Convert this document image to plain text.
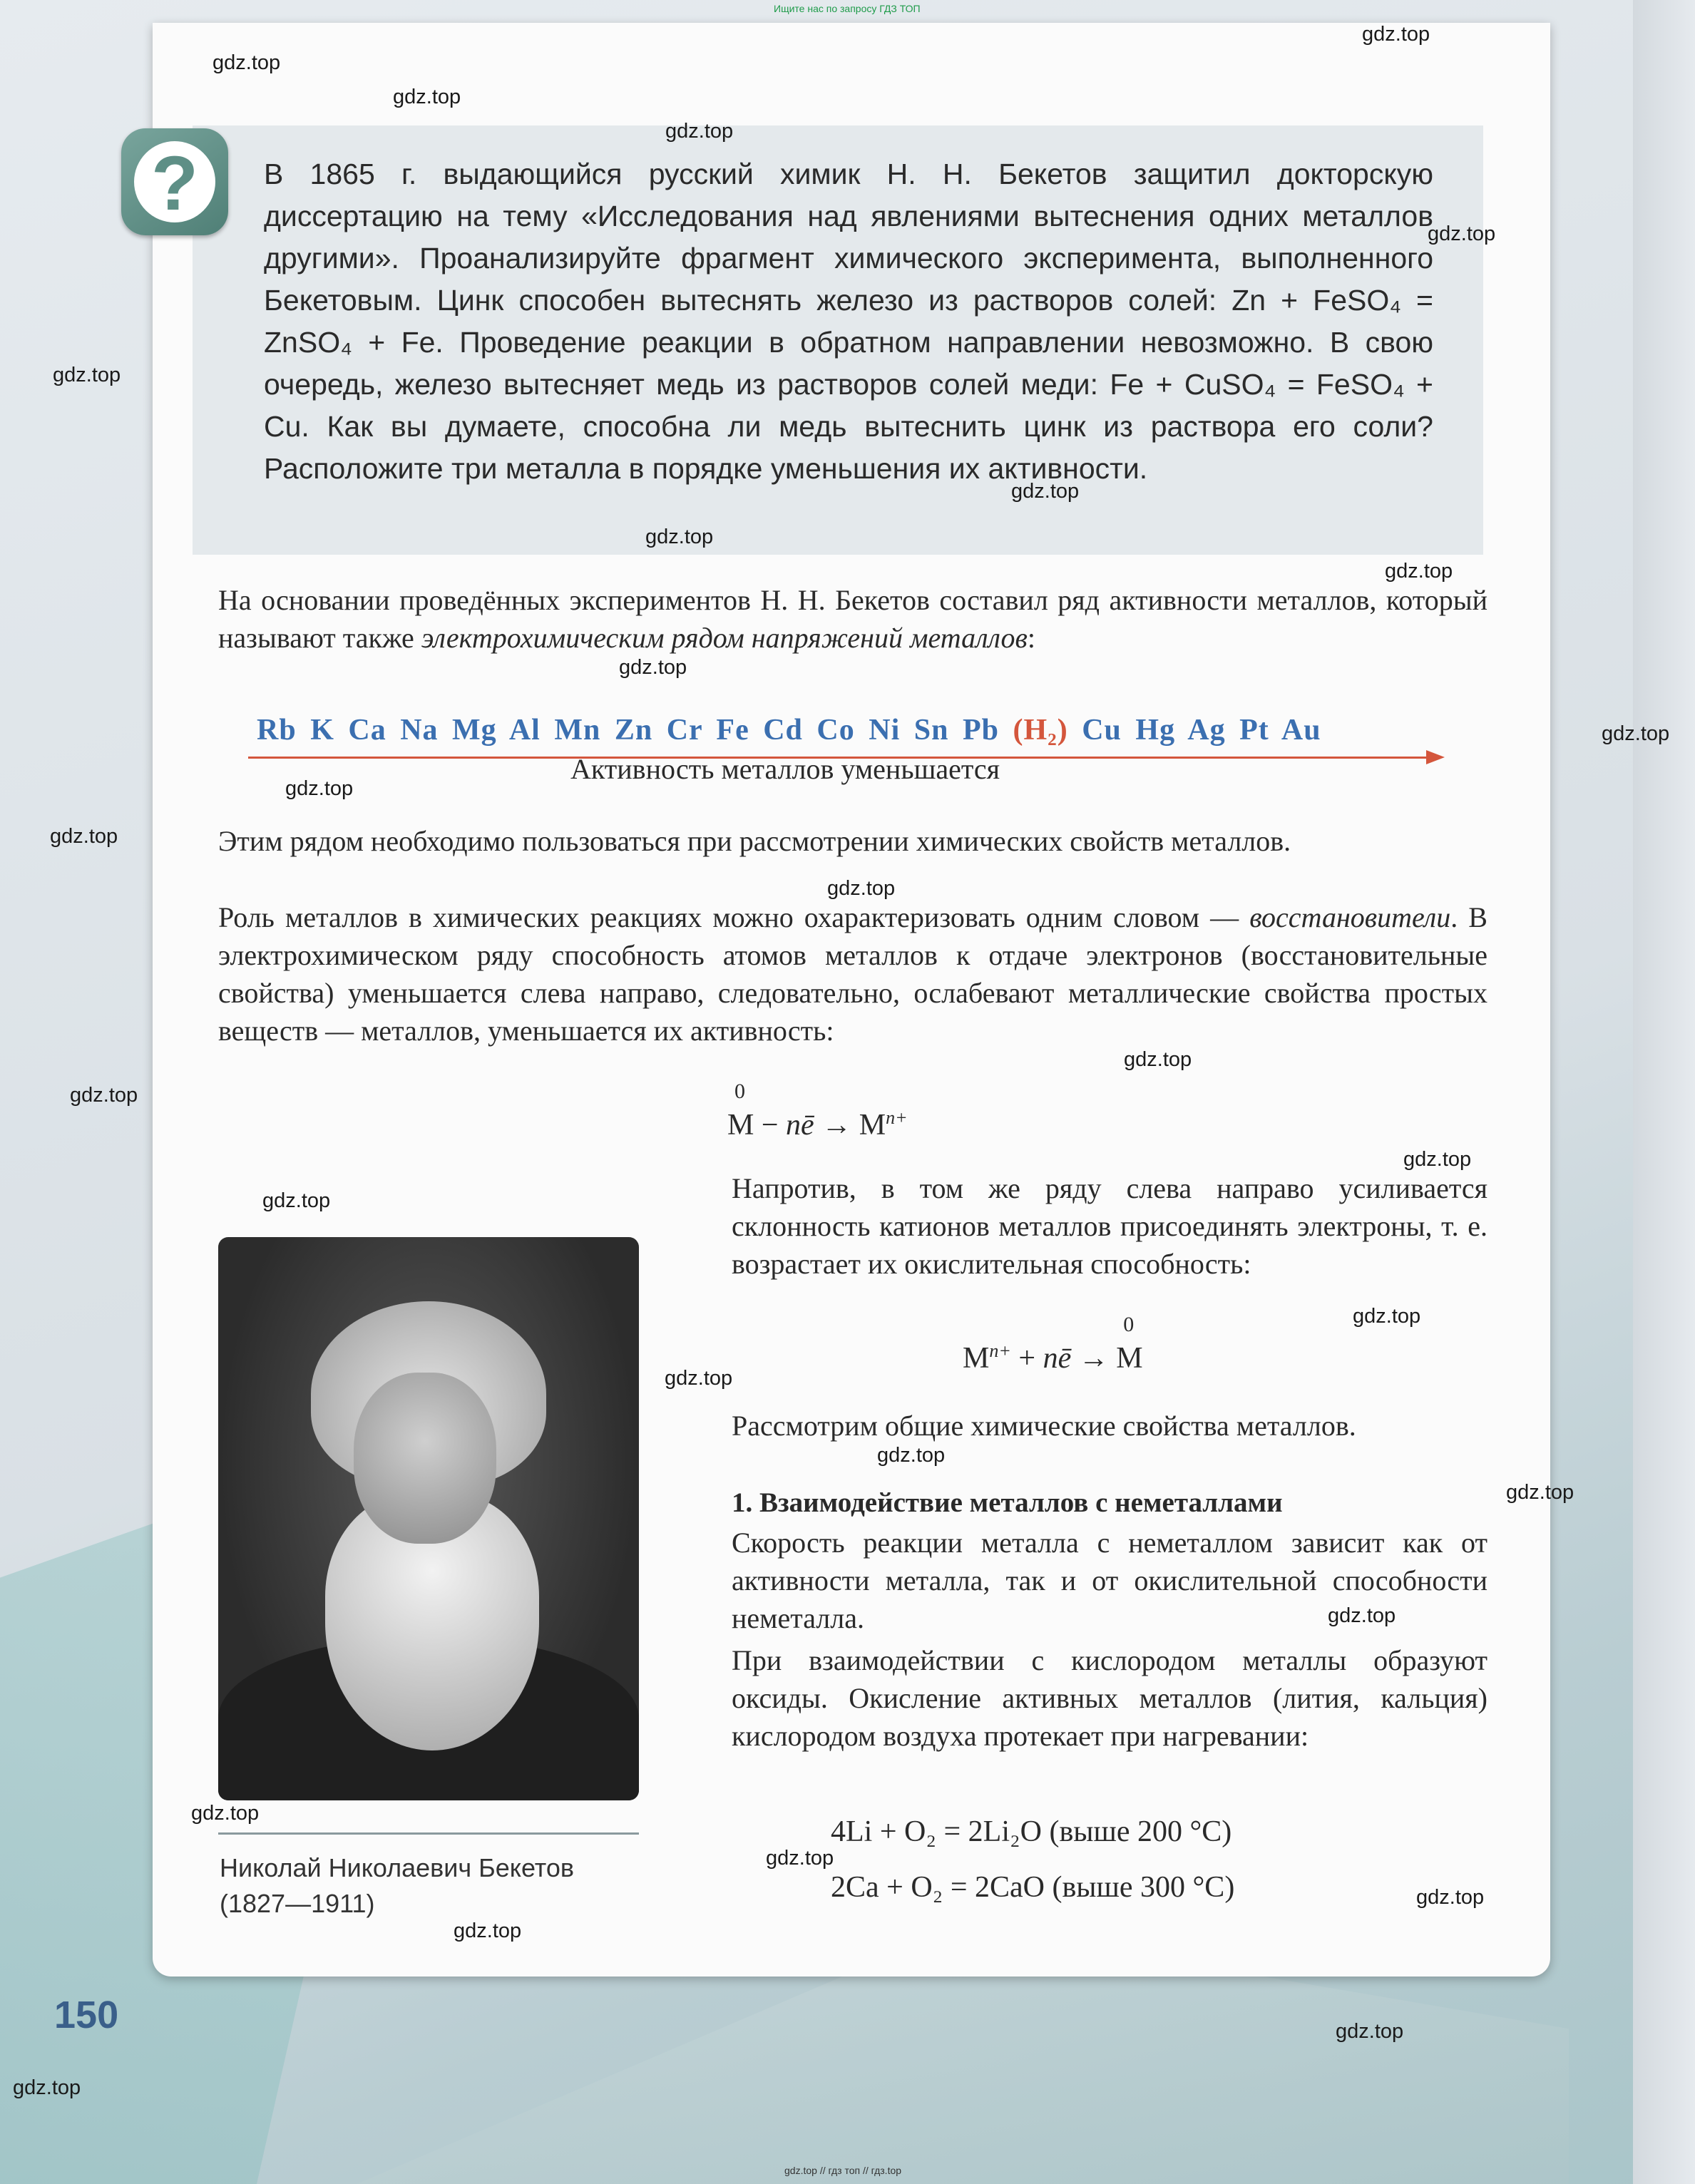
Ищите нас по запросу ГДЗ ТОП
?	В 1865 г. выдающийся русский химик Н. Н. Бекетов защитил докторскую диссертацию на тему «Исследования над явлениями вытеснения одних металлов другими». Проанализируйте фрагмент химического эксперимента, выполненного Бекетовым. Цинк способен вытеснять железо из растворов солей: Zn + FeSO₄ = ZnSO₄ + Fe. Проведение реакции в обратном направлении невозможно. В свою очередь, железо вытесняет медь из растворов солей меди: Fe + CuSO₄ = FeSO₄ + Cu. Как вы думаете, способна ли медь вытеснить цинк из раствора его соли? Расположите три металла в порядке уменьшения их активности.
На основании проведённых экспериментов Н. Н. Бекетов составил ряд активности металлов, который называют также электрохимическим рядом напряжений металлов:
Rb K Ca Na Mg Al Mn Zn Cr Fe Cd Co Ni Sn Pb (H₂) Cu Hg Ag Pt Au
Активность металлов уменьшается
Этим рядом необходимо пользоваться при рассмотрении химических свойств металлов.
Роль металлов в химических реакциях можно охарактеризовать одним словом — восстановители. В электрохимическом ряду способность атомов металлов к отдаче электронов (восстановительные свойства) уменьшается слева направо, следовательно, ослабевают металлические свойства простых веществ — металлов, уменьшается их активность:
0
M − nē → $M^{n+}$
Напротив, в том же ряду слева направо усиливается склонность катионов металлов присоединять электроны, т. е. возрастает их окислительная способность:
$M^{n+}$ + nē →
0
M
Рассмотрим общие химические свойства металлов.
1. Взаимодействие металлов с неметаллами
Скорость реакции металла с неметаллом зависит как от активности металла, так и от окислительной способности неметалла.
При взаимодействии с кислородом металлы образуют оксиды. Окисление активных металлов (лития, кальция) кислородом воздуха протекает при нагревании:
4Li + O₂ = 2Li₂O (выше 200 °C)
2Ca + O₂ = 2CaO (выше 300 °C)
Николай Николаевич Бекетов
(1827—1911)
150
gdz.top
gdz.top
gdz.top
gdz.top
gdz.top
gdz.top
gdz.top
gdz.top
gdz.top
gdz.top
gdz.top
gdz.top
gdz.top
gdz.top
gdz.top
gdz.top
gdz.top
gdz.top
gdz.top
gdz.top
gdz.top
gdz.top
gdz.top
gdz.top
gdz.top
gdz.top
gdz.top
gdz.top
gdz.top
gdz.top // гдз топ // гдз.top
